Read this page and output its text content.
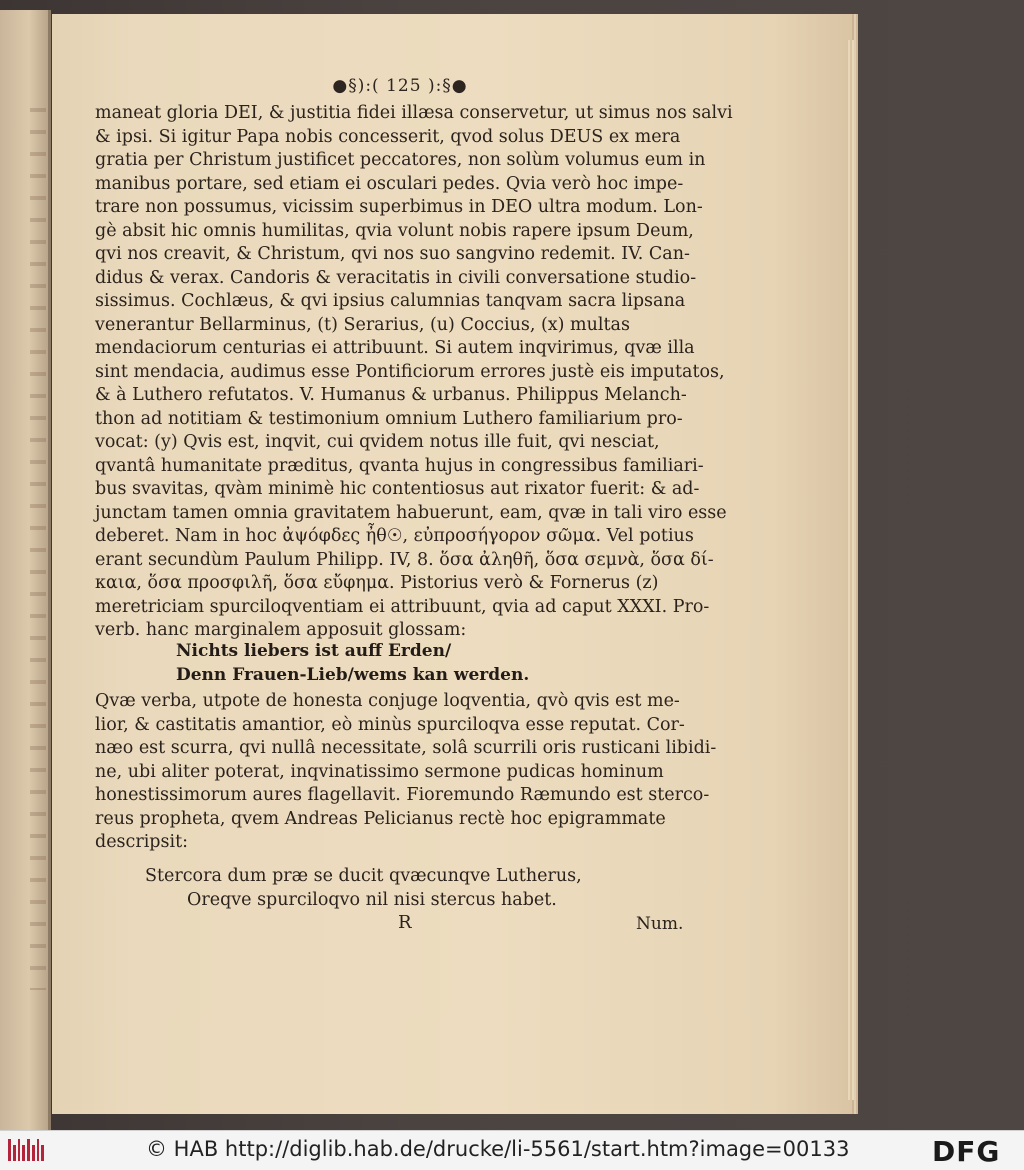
●§):( 125 ):§●
maneat gloria DEI, & justitia fidei illæsa conservetur, ut simus nos salvi
& ipsi. Si igitur Papa nobis concesserit, qvod solus DEUS ex mera
gratia per Christum justificet peccatores, non solùm volumus eum in
manibus portare, sed etiam ei osculari pedes. Qvia verò hoc impe-
trare non possumus, vicissim superbimus in DEO ultra modum. Lon-
gè absit hic omnis humilitas, qvia volunt nobis rapere ipsum Deum,
qvi nos creavit, & Christum, qvi nos suo sangvino redemit. IV. Can-
didus & verax. Candoris & veracitatis in civili conversatione studio-
sissimus. Cochlæus, & qvi ipsius calumnias tanqvam sacra lipsana
venerantur Bellarminus, (t) Serarius, (u) Coccius, (x) multas
mendaciorum centurias ei attribuunt. Si autem inqvirimus, qvæ illa
sint mendacia, audimus esse Pontificiorum errores justè eis imputatos,
& à Luthero refutatos. V. Humanus & urbanus. Philippus Melanch-
thon ad notitiam & testimonium omnium Luthero familiarium pro-
vocat: (y) Qvis est, inqvit, cui qvidem notus ille fuit, qvi nesciat,
qvantâ humanitate præditus, qvanta hujus in congressibus familiari-
bus svavitas, qvàm minimè hic contentiosus aut rixator fuerit: & ad-
junctam tamen omnia gravitatem habuerunt, eam, qvæ in tali viro esse
deberet. Nam in hoc ἀψόφδες ἦθ☉, εὐπροσήγορον σῶμα. Vel potius
erant secundùm Paulum Philipp. IV, 8. ὅσα ἀληθῆ, ὅσα σεμνὰ, ὅσα δί-
καια, ὅσα προσφιλῆ, ὅσα εὔφημα. Pistorius verò & Fornerus (z)
meretriciam spurciloqventiam ei attribuunt, qvia ad caput XXXI. Pro-
verb. hanc marginalem apposuit glossam:
Nichts liebers ist auff Erden/
Denn Frauen-Lieb/wems kan werden.
Qvæ verba, utpote de honesta conjuge loqventia, qvò qvis est me-
lior, & castitatis amantior, eò minùs spurciloqva esse reputat. Cor-
næo est scurra, qvi nullâ necessitate, solâ scurrili oris rusticani libidi-
ne, ubi aliter poterat, inqvinatissimo sermone pudicas hominum
honestissimorum aures flagellavit. Fioremundo Ræmundo est sterco-
reus propheta, qvem Andreas Pelicianus rectè hoc epigrammate
descripsit:
Stercora dum præ se ducit qvæcunqve Lutherus,
Oreqve spurciloqvo nil nisi stercus habet.
R	Num.
© HAB http://diglib.hab.de/drucke/li-5561/start.htm?image=00133	DFG
